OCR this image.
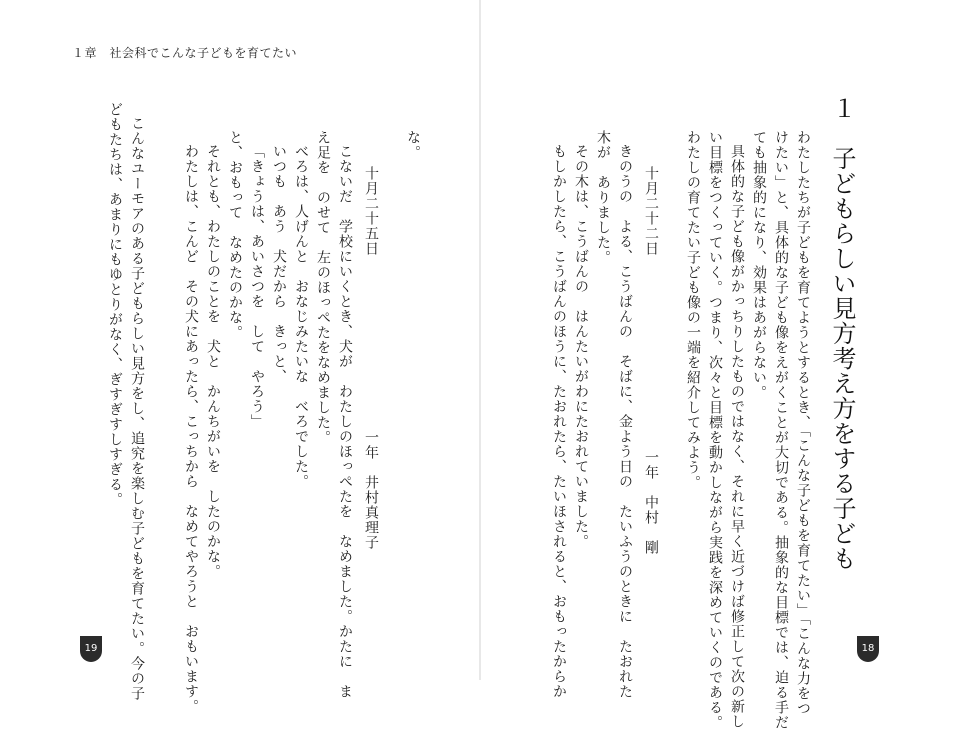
１章　社会科でこんな子どもを育てたい
１　子どもらしい見方考え方をする子ども
わたしたちが子どもを育てようとするとき、「こんな子どもを育てたい」「こんな力をつ
けたい」と、具体的な子ども像をえがくことが大切である。抽象的な目標では、迫る手だ
ても抽象的になり、効果はあがらない。
具体的な子ども像がかっちりしたものではなく、それに早く近づけば修正して次の新し
い目標をつくっていく。つまり、次々と目標を動かしながら実践を深めていくのである。
わたしの育てたい子ども像の一端を紹介してみよう。
十月二十二日
一年　中村　剛
きのうの　よる、こうばんの　そばに、金よう日の　たいふうのときに　たおれた
木が　ありました。
その木は、こうばんの　はんたいがわにたおれていました。
もしかしたら、こうばんのほうに、たおれたら、たいほされると、おもったからか
な。
十月二十五日
一年　井村真理子
こないだ　学校にいくとき、犬が　わたしのほっぺたを　なめました。かたに　ま
え足を　のせて　左のほっぺたをなめました。
べろは、人げんと　おなじみたいな　べろでした。
いつも　あう　犬だから　きっと、
「きょうは、あいさつを　して　やろう」
と、おもって　なめたのかな。
それとも、わたしのことを　犬と　かんちがいを　したのかな。
わたしは、こんど　その犬にあったら、こっちから　なめてやろうと　おもいます。
こんなユーモアのある子どもらしい見方をし、追究を楽しむ子どもを育てたい。今の子
どもたちは、あまりにもゆとりがなく、ぎすぎすしすぎる。
19	18
